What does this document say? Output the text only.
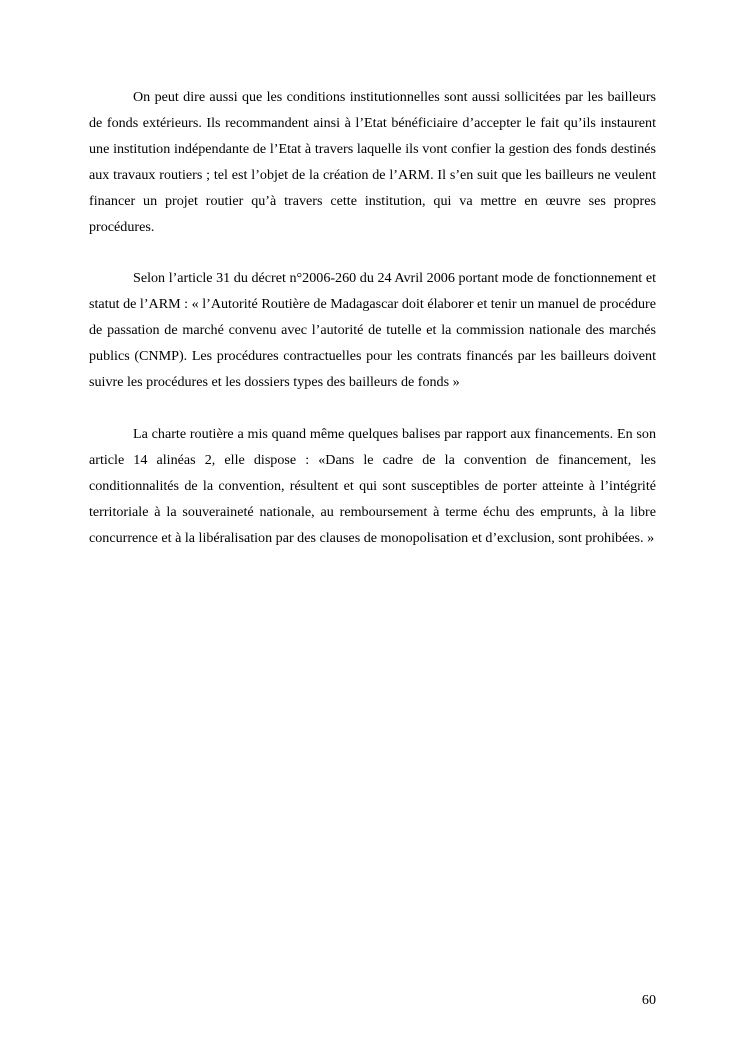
On peut dire aussi que les conditions institutionnelles sont aussi sollicitées par les bailleurs de fonds extérieurs. Ils recommandent ainsi à l’Etat bénéficiaire d’accepter le fait qu’ils instaurent une institution indépendante de l’Etat à travers laquelle ils vont confier la gestion des fonds destinés aux travaux routiers ; tel est l’objet de la création de l’ARM. Il s’en suit que les bailleurs ne veulent financer un projet routier qu’à travers cette institution, qui va mettre en œuvre ses propres procédures.

Selon l’article 31 du décret n°2006-260 du 24 Avril 2006 portant mode de fonctionnement et statut de l’ARM : « l’Autorité Routière de Madagascar doit élaborer et tenir un manuel de procédure de passation de marché convenu avec l’autorité de tutelle et la commission nationale des marchés publics (CNMP). Les procédures contractuelles pour les contrats financés par les bailleurs doivent suivre les procédures et les dossiers types des bailleurs de fonds »

La charte routière a mis quand même quelques balises par rapport aux financements. En son article 14 alinéas 2, elle dispose : «Dans le cadre de la convention de financement, les conditionnalités de la convention, résultent et qui sont susceptibles de porter atteinte à l’intégrité territoriale à la souveraineté nationale, au remboursement à terme échu des emprunts, à la libre concurrence et à la libéralisation par des clauses de monopolisation et d’exclusion, sont prohibées. »

60
